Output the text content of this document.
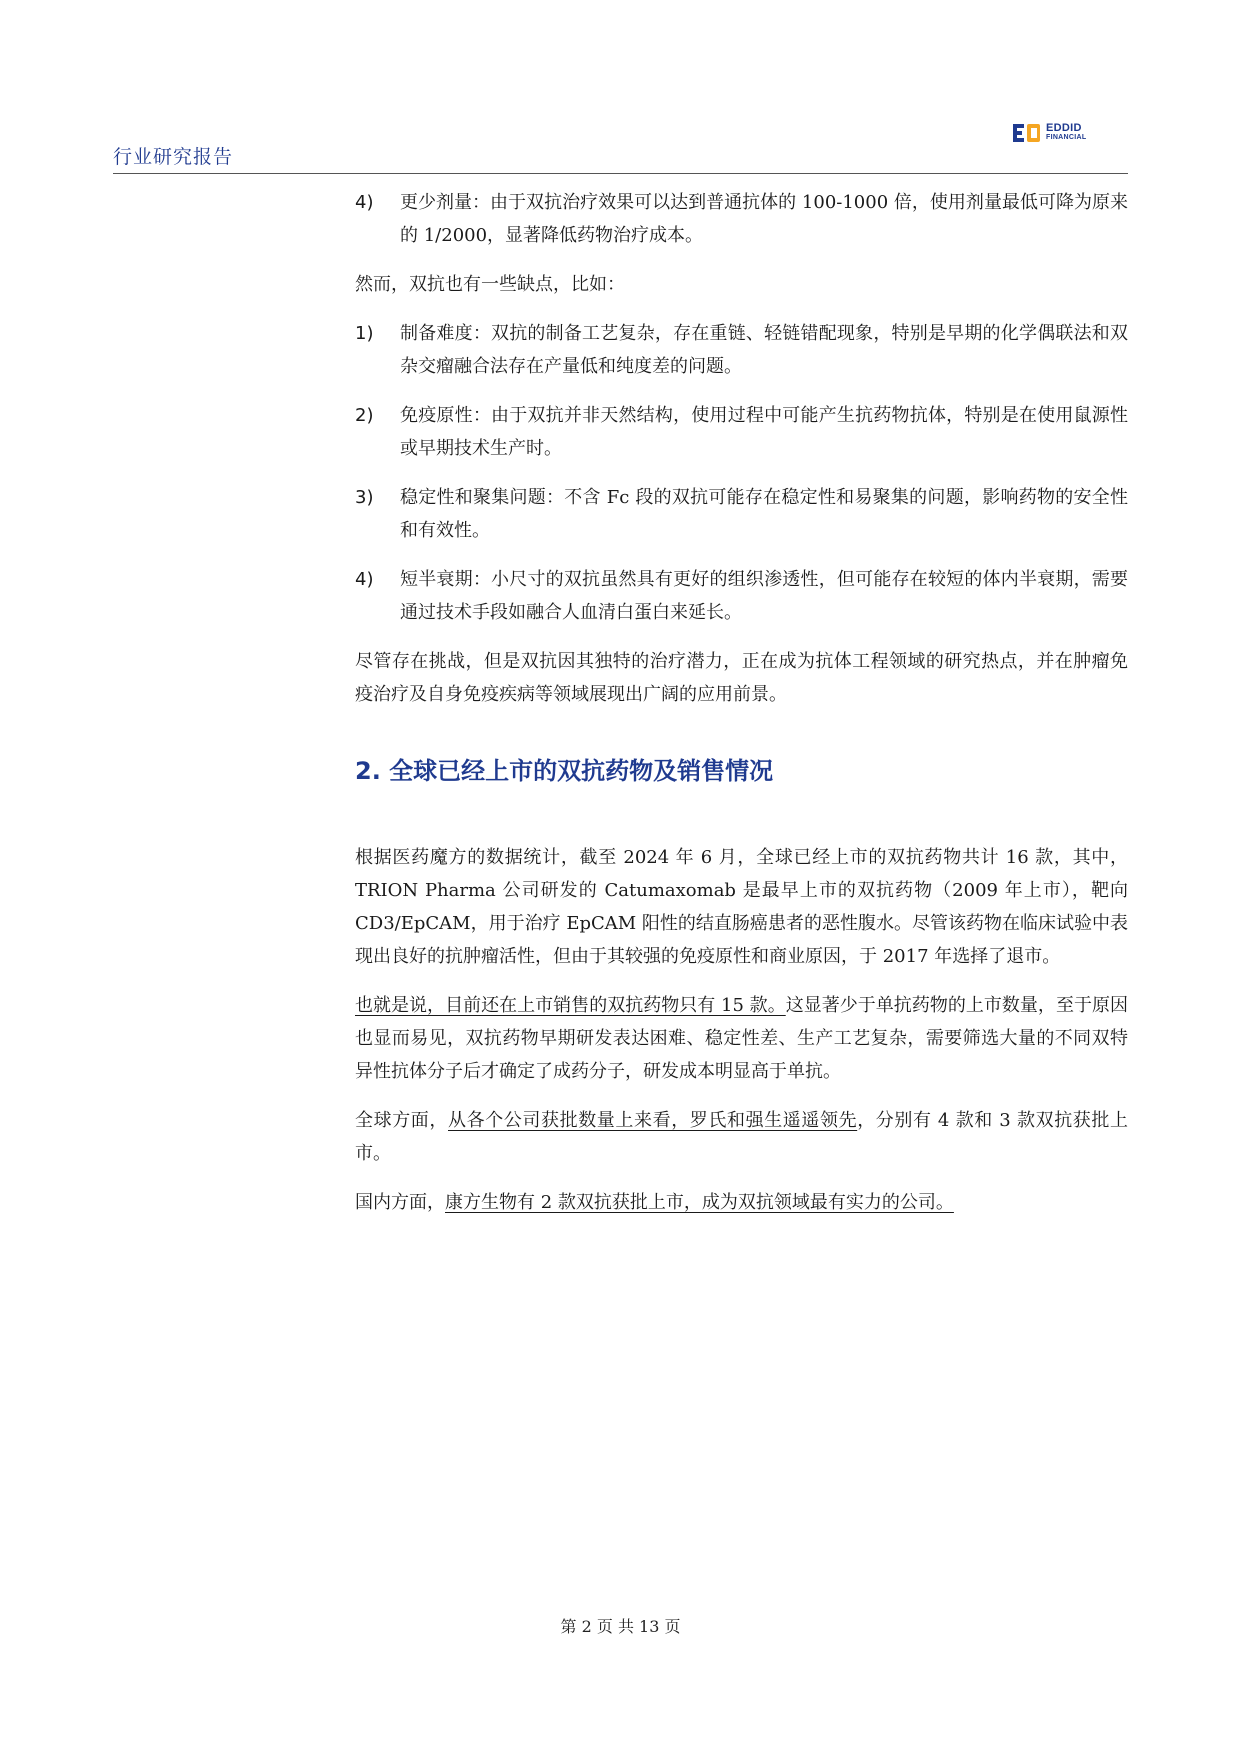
行业研究报告
EDDID
FINANCIAL
4)	更少剂量：由于双抗治疗效果可以达到普通抗体的 100-1000 倍，使用剂量最低可降为原来的 1/2000，显著降低药物治疗成本。

然而，双抗也有一些缺点，比如：

1)	制备难度：双抗的制备工艺复杂，存在重链、轻链错配现象，特别是早期的化学偶联法和双杂交瘤融合法存在产量低和纯度差的问题。
2)	免疫原性：由于双抗并非天然结构，使用过程中可能产生抗药物抗体，特别是在使用鼠源性或早期技术生产时。
3)	稳定性和聚集问题：不含 Fc 段的双抗可能存在稳定性和易聚集的问题，影响药物的安全性和有效性。
4)	短半衰期：小尺寸的双抗虽然具有更好的组织渗透性，但可能存在较短的体内半衰期，需要通过技术手段如融合人血清白蛋白来延长。

尽管存在挑战，但是双抗因其独特的治疗潜力，正在成为抗体工程领域的研究热点，并在肿瘤免疫治疗及自身免疫疾病等领域展现出广阔的应用前景。

2. 全球已经上市的双抗药物及销售情况

根据医药魔方的数据统计，截至 2024 年 6 月，全球已经上市的双抗药物共计 16 款，其中，TRION Pharma 公司研发的 Catumaxomab 是最早上市的双抗药物（2009 年上市），靶向 CD3/EpCAM，用于治疗 EpCAM 阳性的结直肠癌患者的恶性腹水。尽管该药物在临床试验中表现出良好的抗肿瘤活性，但由于其较强的免疫原性和商业原因，于 2017 年选择了退市。

也就是说，目前还在上市销售的双抗药物只有 15 款。这显著少于单抗药物的上市数量，至于原因也显而易见，双抗药物早期研发表达困难、稳定性差、生产工艺复杂，需要筛选大量的不同双特异性抗体分子后才确定了成药分子，研发成本明显高于单抗。

全球方面，从各个公司获批数量上来看，罗氏和强生遥遥领先，分别有 4 款和 3 款双抗获批上市。

国内方面，康方生物有 2 款双抗获批上市，成为双抗领域最有实力的公司。

第 2 页 共 13 页
